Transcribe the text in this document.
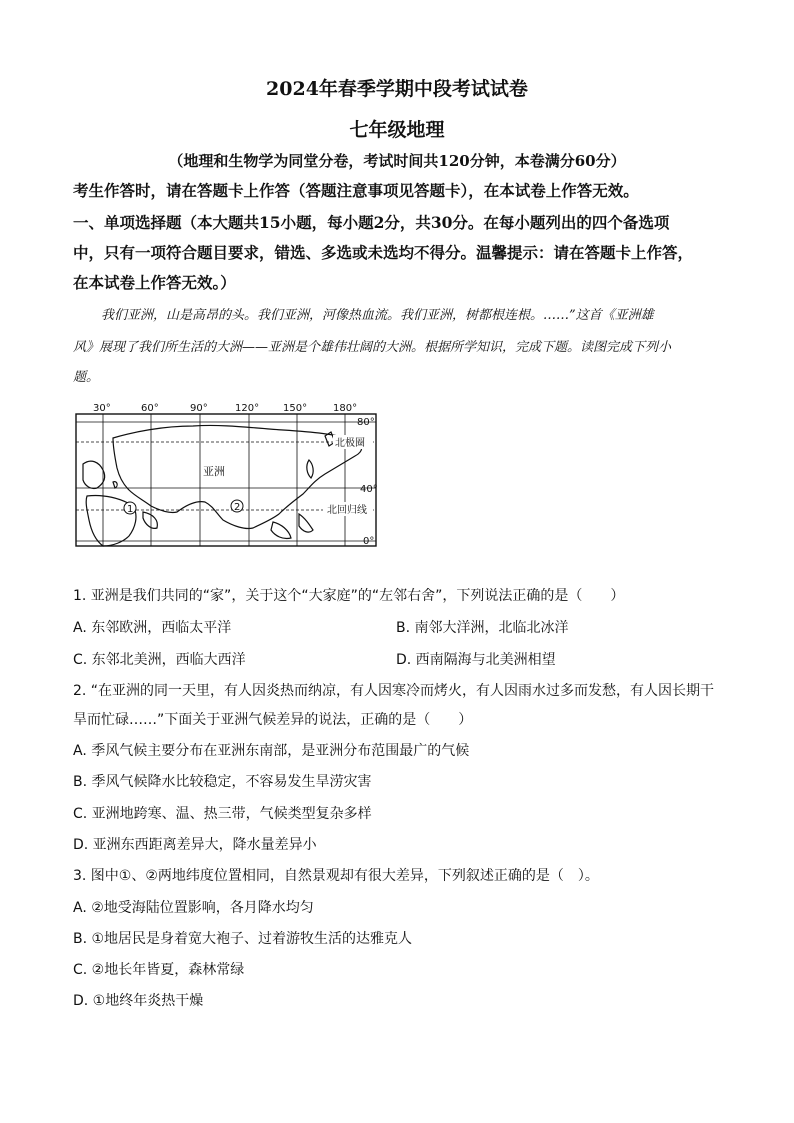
2024年春季学期中段考试试卷
七年级地理
（地理和生物学为同堂分卷，考试时间共120分钟，本卷满分60分）
考生作答时，请在答题卡上作答（答题注意事项见答题卡），在本试卷上作答无效。
一、单项选择题（本大题共15小题，每小题2分，共30分。在每小题列出的四个备选项
中，只有一项符合题目要求，错选、多选或未选均不得分。温馨提示：请在答题卡上作答，
在本试卷上作答无效。）
我们亚洲，山是高昂的头。我们亚洲，河像热血流。我们亚洲，树都根连根。……”这首《亚洲雄
风》展现了我们所生活的大洲——亚洲是个雄伟壮阔的大洲。根据所学知识，完成下题。读图完成下列小
题。
30°	60°	90°	120° 150°	180°
80°
40°
0°
亚洲
北极圈
北回归线
1	2
1. 亚洲是我们共同的“家”，关于这个“大家庭”的“左邻右舍”，下列说法正确的是（　　）
A. 东邻欧洲，西临太平洋	B. 南邻大洋洲，北临北冰洋
C. 东邻北美洲，西临大西洋	D. 西南隔海与北美洲相望
2. “在亚洲的同一天里，有人因炎热而纳凉，有人因寒冷而烤火，有人因雨水过多而发愁，有人因长期干
旱而忙碌……”下面关于亚洲气候差异的说法，正确的是（　　）
A. 季风气候主要分布在亚洲东南部，是亚洲分布范围最广的气候
B. 季风气候降水比较稳定，不容易发生旱涝灾害
C. 亚洲地跨寒、温、热三带，气候类型复杂多样
D. 亚洲东西距离差异大，降水量差异小
3. 图中①、②两地纬度位置相同，自然景观却有很大差异，下列叙述正确的是（　）。
A. ②地受海陆位置影响，各月降水均匀
B. ①地居民是身着宽大袍子、过着游牧生活的达雅克人
C. ②地长年皆夏，森林常绿
D. ①地终年炎热干燥
